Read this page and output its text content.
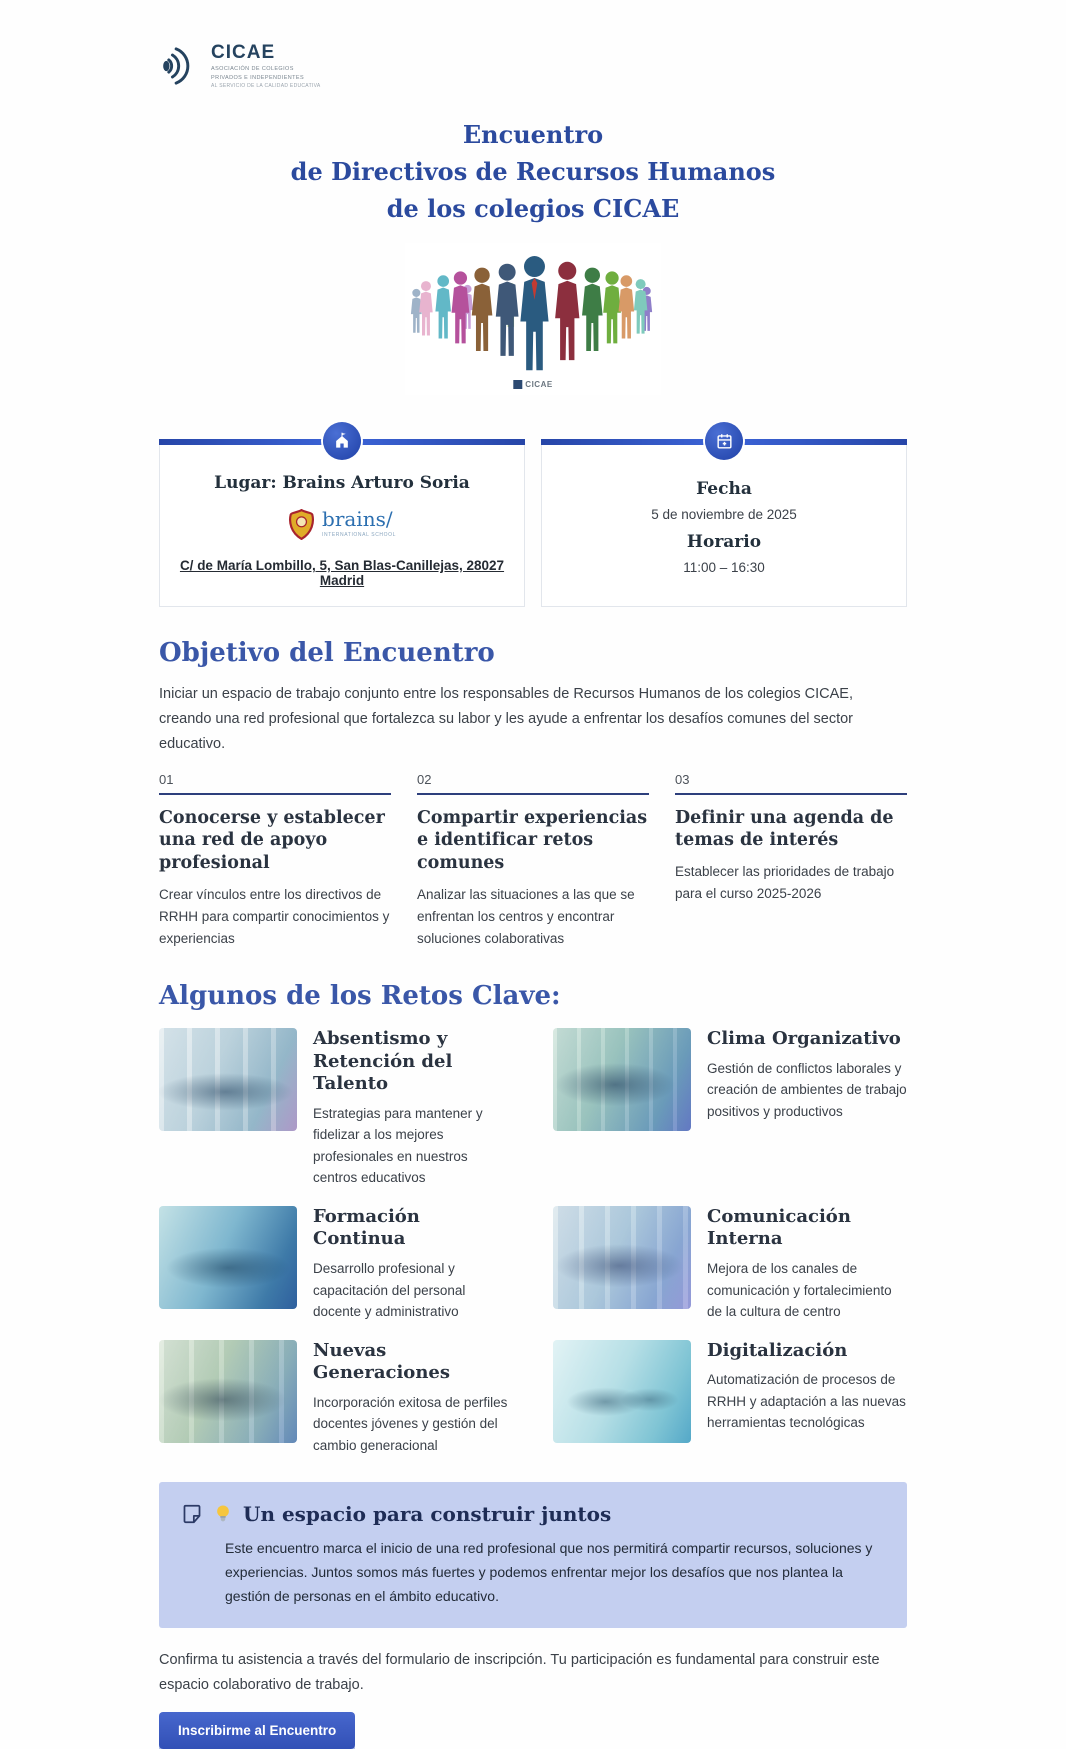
CICAE
ASOCIACIÓN DE COLEGIOS
PRIVADOS E INDEPENDIENTES
AL SERVICIO DE LA CALIDAD EDUCATIVA
Encuentro
de Directivos de Recursos Humanos
de los colegios CICAE
CICAE
Lugar: Brains Arturo Soria
brains/
INTERNATIONAL SCHOOL
C/ de María Lombillo, 5, San Blas-Canillejas, 28027 Madrid
Fecha

5 de noviembre de 2025

Horario

11:00 – 16:30

Objetivo del Encuentro

Iniciar un espacio de trabajo conjunto entre los responsables de Recursos Humanos de los colegios CICAE, creando una red profesional que fortalezca su labor y les ayude a enfrentar los desafíos comunes del sector educativo.

01
Conocerse y establecer una red de apoyo profesional

Crear vínculos entre los directivos de RRHH para compartir conocimientos y experiencias

02
Compartir experiencias e identificar retos comunes

Analizar las situaciones a las que se enfrentan los centros y encontrar soluciones colaborativas

03
Definir una agenda de temas de interés

Establecer las prioridades de trabajo para el curso 2025-2026

Algunos de los Retos Clave:
Absentismo y Retención del Talento

Estrategias para mantener y fidelizar a los mejores profesionales en nuestros centros educativos

Clima Organizativo

Gestión de conflictos laborales y creación de ambientes de trabajo positivos y productivos

Formación Continua

Desarrollo profesional y capacitación del personal docente y administrativo

Comunicación Interna

Mejora de los canales de comunicación y fortalecimiento de la cultura de centro

Nuevas Generaciones

Incorporación exitosa de perfiles docentes jóvenes y gestión del cambio generacional

Digitalización

Automatización de procesos de RRHH y adaptación a las nuevas herramientas tecnológicas

Un espacio para construir juntos

Este encuentro marca el inicio de una red profesional que nos permitirá compartir recursos, soluciones y experiencias. Juntos somos más fuertes y podemos enfrentar mejor los desafíos que nos plantea la gestión de personas en el ámbito educativo.

Confirma tu asistencia a través del formulario de inscripción. Tu participación es fundamental para construir este espacio colaborativo de trabajo.

Inscribirme al Encuentro
